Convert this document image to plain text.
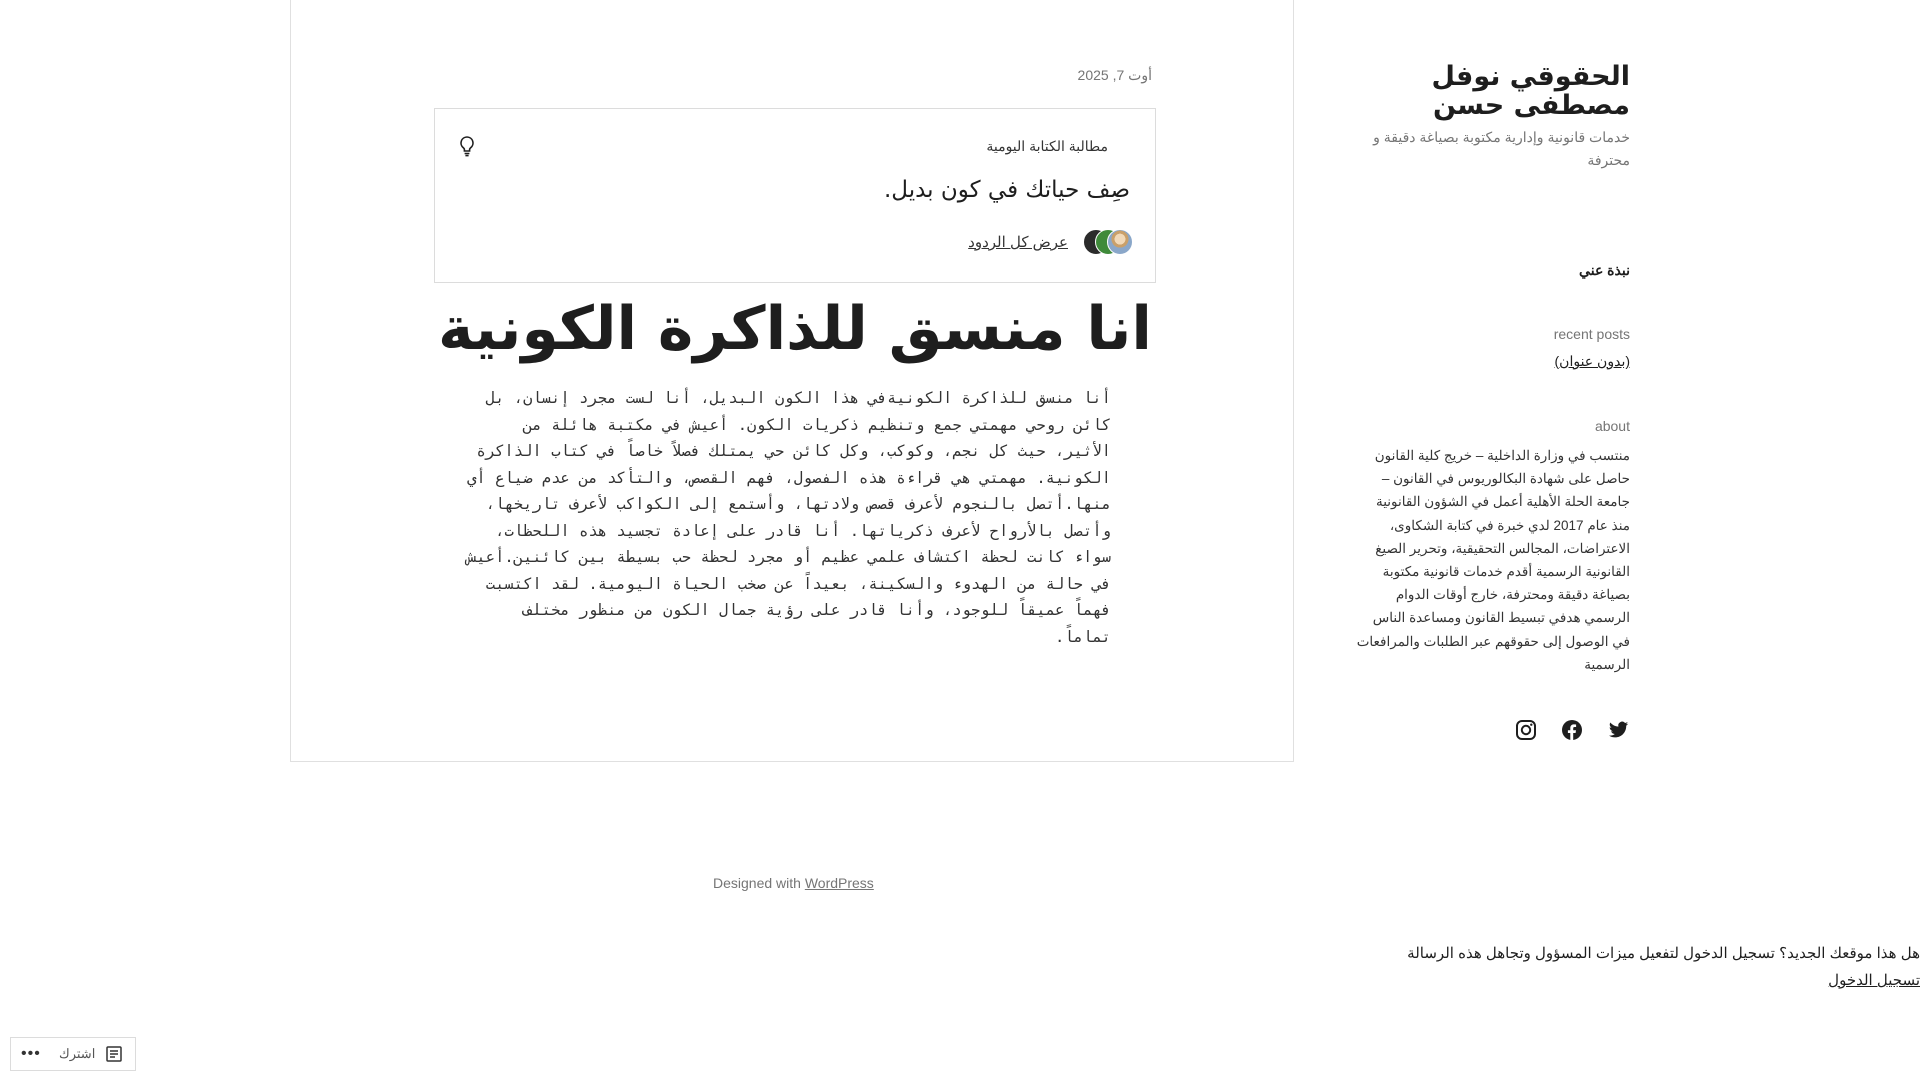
أوت 7, 2025
مطالبة الكتابة اليومية
صِف حياتك في كون بديل.
عرض كل الردود
انا منسق للذاكرة الكونية

أنا منسق للذاكرة الكونيةفي هذا الكون البديل، أنا لست مجرد إنسان، بل كائن روحي مهمتي جمع وتنظيم ذكريات الكون. أعيش في مكتبة هائلة من الأثير، حيث كل نجم، وكوكب، وكل كائن حي يمتلك فصلاً خاصاً في كتاب الذاكرة الكونية. مهمتي هي قراءة هذه الفصول، فهم القصص، والتأكد من عدم ضياع أي منها.أتصل بالنجوم لأعرف قصص ولادتها، وأستمع إلى الكواكب لأعرف تاريخها، وأتصل بالأرواح لأعرف ذكرياتها. أنا قادر على إعادة تجسيد هذه اللحظات، سواء كانت لحظة اكتشاف علمي عظيم أو مجرد لحظة حب بسيطة بين كائنين.أعيش في حالة من الهدوء والسكينة، بعيداً عن صخب الحياة اليومية. لقد اكتسبت فهماً عميقاً للوجود، وأنا قادر على رؤية جمال الكون من منظور مختلف تماماً.

الحقوقي نوفل مصطفى حسن

خدمات قانونية وإدارية مكتوبة بصياغة دقيقة و محترفة

نبذة عني
recent posts
(بدون عنوان)
about

منتسب في وزارة الداخلية – خريج كلية القانون حاصل على شهادة البكالوريوس في القانون – جامعة الحلة الأهلية أعمل في الشؤون القانونية منذ عام 2017 لدي خبرة في كتابة الشكاوى، الاعتراضات، المجالس التحقيقية، وتحرير الصيغ القانونية الرسمية أقدم خدمات قانونية مكتوبة بصياغة دقيقة ومحترفة، خارج أوقات الدوام الرسمي هدفي تبسيط القانون ومساعدة الناس في الوصول إلى حقوقهم عبر الطلبات والمرافعات الرسمية

Designed with WordPress
هل هذا موقعك الجديد؟ تسجيل الدخول لتفعيل ميزات المسؤول وتجاهل هذه الرسالة
تسجيل الدخول
•••	اشترك
